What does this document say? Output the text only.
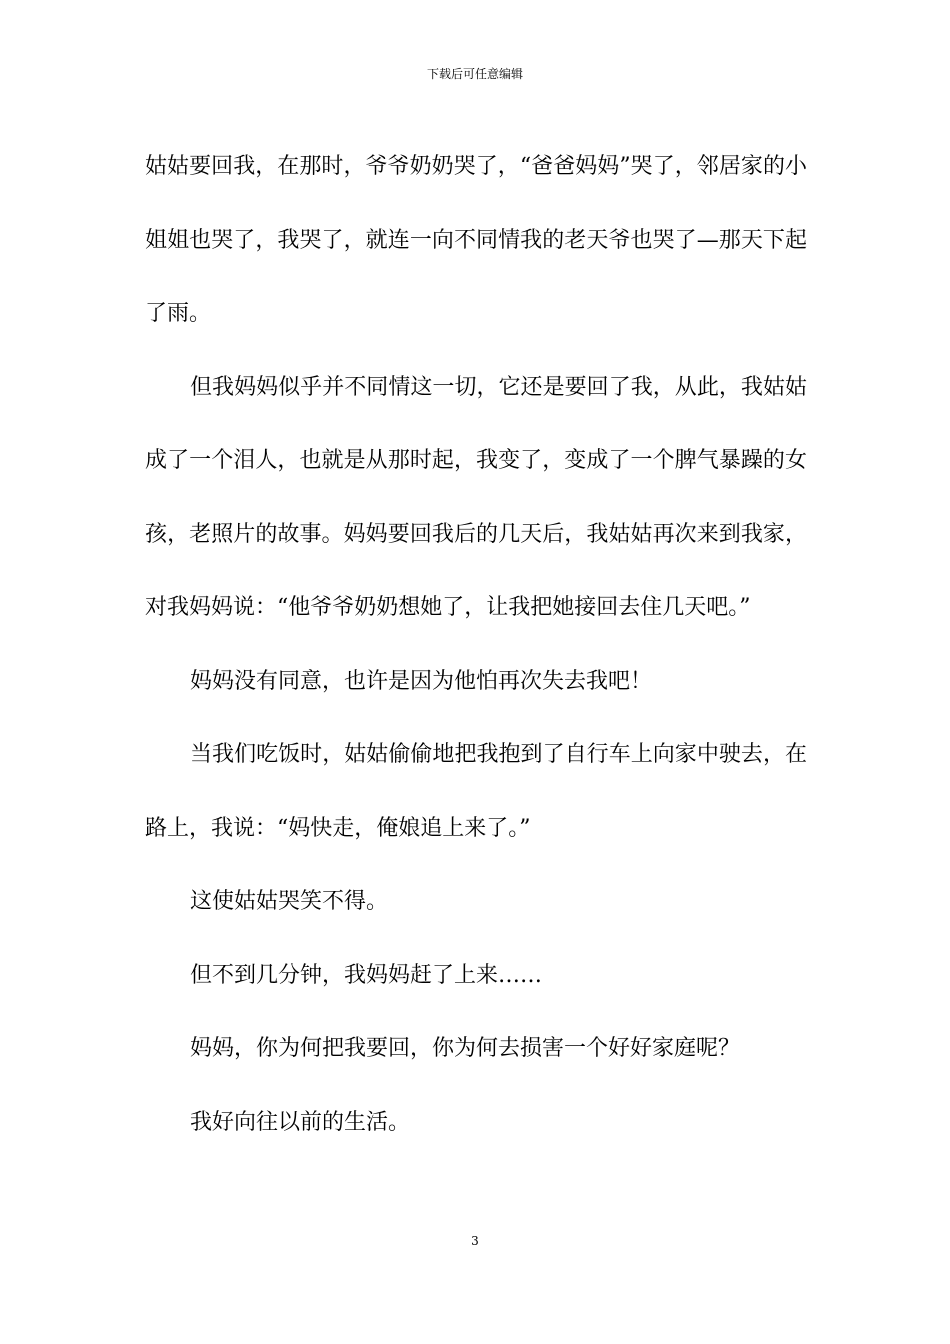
下载后可任意编辑

姑姑要回我，在那时，爷爷奶奶哭了，“爸爸妈妈”哭了，邻居家的小姐姐也哭了，我哭了，就连一向不同情我的老天爷也哭了—那天下起了雨。

但我妈妈似乎并不同情这一切，它还是要回了我，从此，我姑姑成了一个泪人，也就是从那时起，我变了，变成了一个脾气暴躁的女孩，老照片的故事。妈妈要回我后的几天后，我姑姑再次来到我家，对我妈妈说：“他爷爷奶奶想她了，让我把她接回去住几天吧。”

妈妈没有同意，也许是因为他怕再次失去我吧！

当我们吃饭时，姑姑偷偷地把我抱到了自行车上向家中驶去，在路上，我说：“妈快走，俺娘追上来了。”

这使姑姑哭笑不得。

但不到几分钟，我妈妈赶了上来……

妈妈，你为何把我要回，你为何去损害一个好好家庭呢？

我好向往以前的生活。

3
